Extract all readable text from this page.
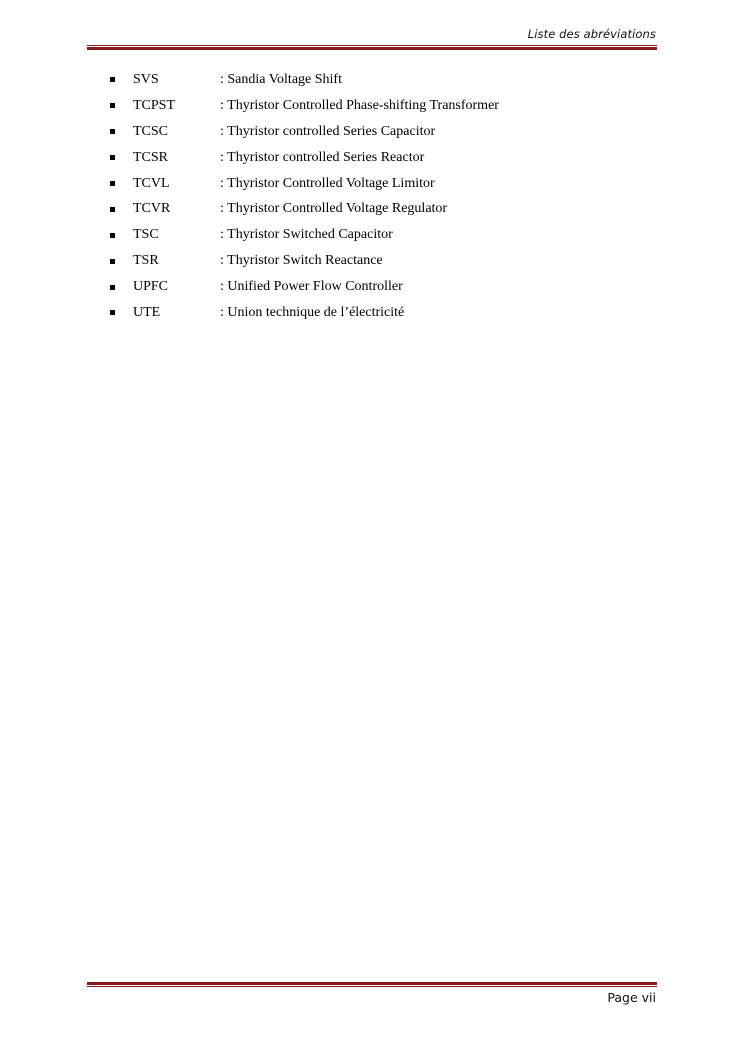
Liste des abréviations
SVS	: Sandia Voltage Shift
TCPST	: Thyristor Controlled Phase-shifting Transformer
TCSC	: Thyristor controlled Series Capacitor
TCSR	: Thyristor controlled Series Reactor
TCVL	: Thyristor Controlled Voltage Limitor
TCVR	: Thyristor Controlled Voltage Regulator
TSC	: Thyristor Switched Capacitor
TSR	: Thyristor Switch Reactance
UPFC	: Unified Power Flow Controller
UTE	: Union technique de l’électricité
Page vii
